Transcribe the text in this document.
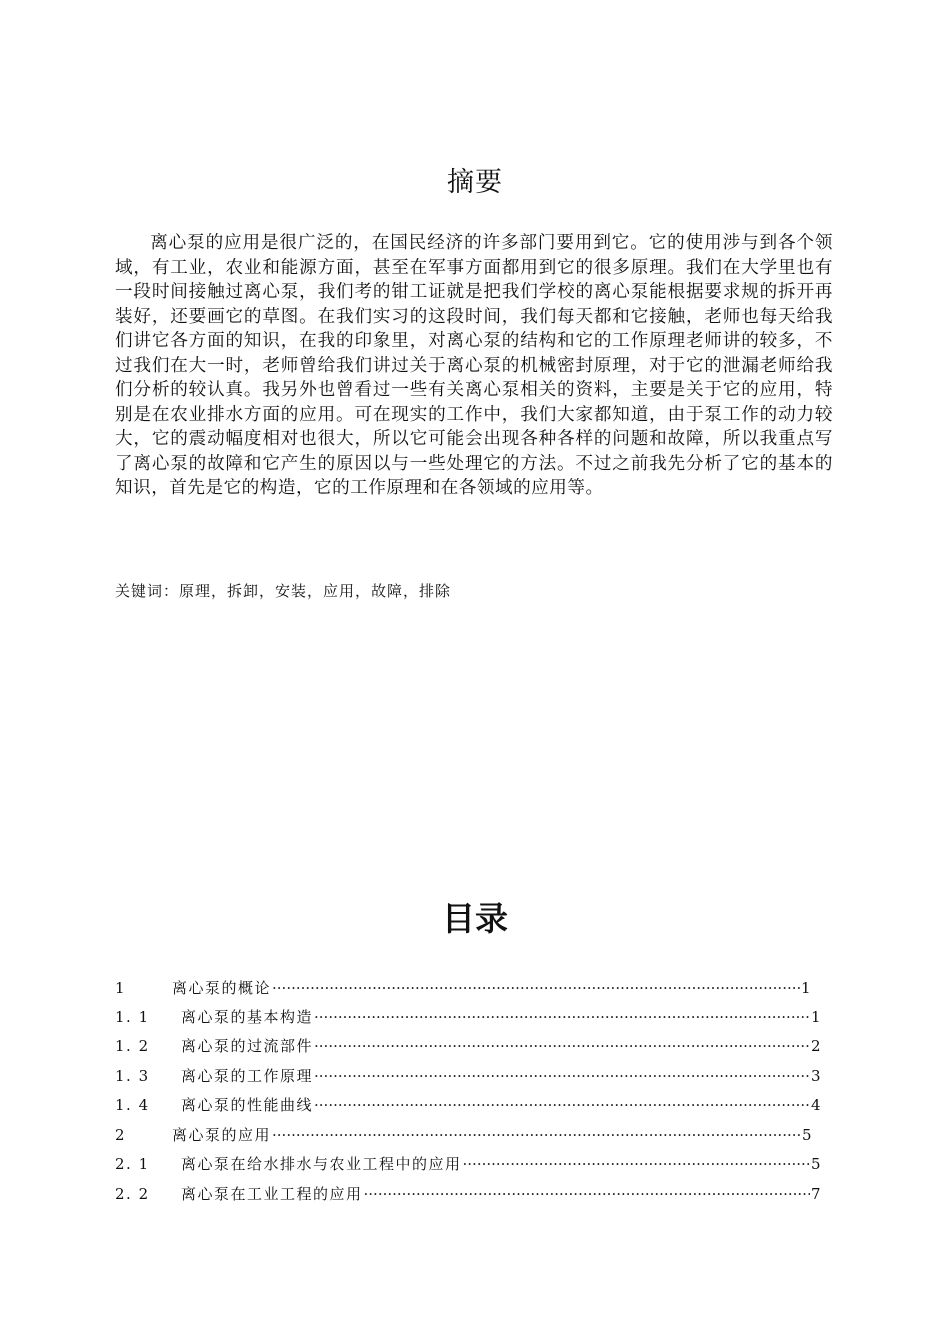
摘要

离心泵的应用是很广泛的，在国民经济的许多部门要用到它。它的使用涉与到各个领域，有工业，农业和能源方面，甚至在军事方面都用到它的很多原理。我们在大学里也有一段时间接触过离心泵，我们考的钳工证就是把我们学校的离心泵能根据要求规的拆开再装好，还要画它的草图。在我们实习的这段时间，我们每天都和它接触，老师也每天给我们讲它各方面的知识，在我的印象里，对离心泵的结构和它的工作原理老师讲的较多，不过我们在大一时，老师曾给我们讲过关于离心泵的机械密封原理，对于它的泄漏老师给我们分析的较认真。我另外也曾看过一些有关离心泵相关的资料，主要是关于它的应用，特别是在农业排水方面的应用。可在现实的工作中，我们大家都知道，由于泵工作的动力较大，它的震动幅度相对也很大，所以它可能会出现各种各样的问题和故障，所以我重点写了离心泵的故障和它产生的原因以与一些处理它的方法。不过之前我先分析了它的基本的知识，首先是它的构造，它的工作原理和在各领域的应用等。

关键词：原理，拆卸，安装，应用，故障，排除
目录
1	离心泵的概论 ·····	1
1. 1	离心泵的基本构造 ·····	1
1. 2	离心泵的过流部件 ·····	2
1. 3	离心泵的工作原理 ·····	3
1. 4	离心泵的性能曲线 ·····	4
2	离心泵的应用 ·····	5
2. 1	离心泵在给水排水与农业工程中的应用 ·····	5
2. 2	离心泵在工业工程的应用 ·····	7
